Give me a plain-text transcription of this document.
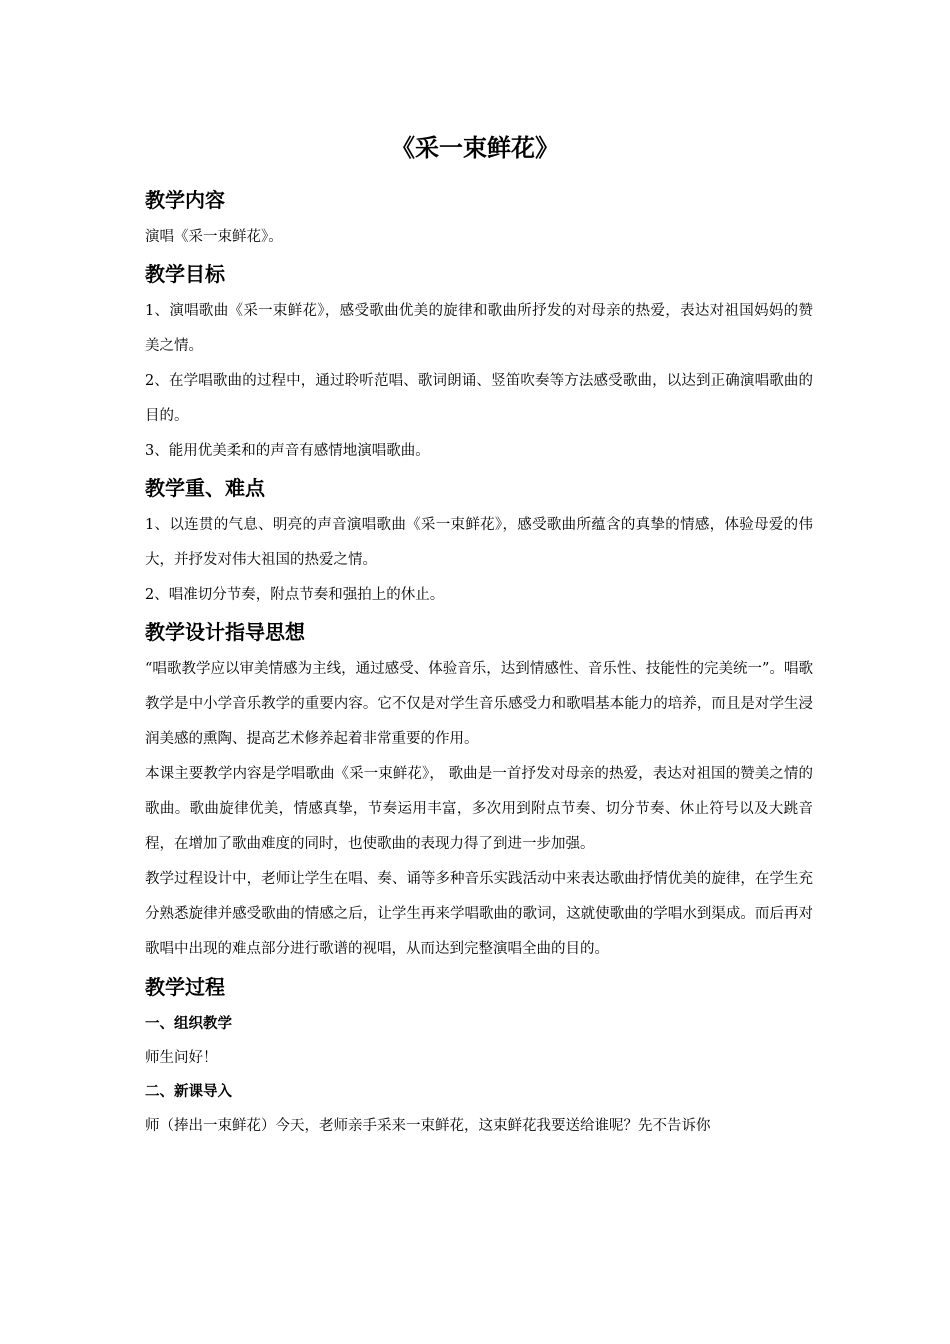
《采一束鲜花》
教学内容

演唱《采一束鲜花》。

教学目标

1、演唱歌曲《采一束鲜花》，感受歌曲优美的旋律和歌曲所抒发的对母亲的热爱，表达对祖国妈妈的赞美之情。

2、在学唱歌曲的过程中，通过聆听范唱、歌词朗诵、竖笛吹奏等方法感受歌曲，以达到正确演唱歌曲的目的。

3、能用优美柔和的声音有感情地演唱歌曲。

教学重、难点

1、以连贯的气息、明亮的声音演唱歌曲《采一束鲜花》，感受歌曲所蕴含的真挚的情感，体验母爱的伟大，并抒发对伟大祖国的热爱之情。

2、唱准切分节奏，附点节奏和强拍上的休止。

教学设计指导思想

“唱歌教学应以审美情感为主线，通过感受、体验音乐，达到情感性、音乐性、技能性的完美统一”。唱歌教学是中小学音乐教学的重要内容。它不仅是对学生音乐感受力和歌唱基本能力的培养，而且是对学生浸润美感的熏陶、提高艺术修养起着非常重要的作用。

本课主要教学内容是学唱歌曲《采一束鲜花》， 歌曲是一首抒发对母亲的热爱，表达对祖国的赞美之情的歌曲。歌曲旋律优美，情感真挚，节奏运用丰富，多次用到附点节奏、切分节奏、休止符号以及大跳音程，在增加了歌曲难度的同时，也使歌曲的表现力得了到进一步加强。

教学过程设计中，老师让学生在唱、奏、诵等多种音乐实践活动中来表达歌曲抒情优美的旋律，在学生充分熟悉旋律并感受歌曲的情感之后，让学生再来学唱歌曲的歌词，这就使歌曲的学唱水到渠成。而后再对歌唱中出现的难点部分进行歌谱的视唱，从而达到完整演唱全曲的目的。

教学过程
一、组织教学

师生问好！

二、新课导入

师（捧出一束鲜花）今天，老师亲手采来一束鲜花，这束鲜花我要送给谁呢？先不告诉你
